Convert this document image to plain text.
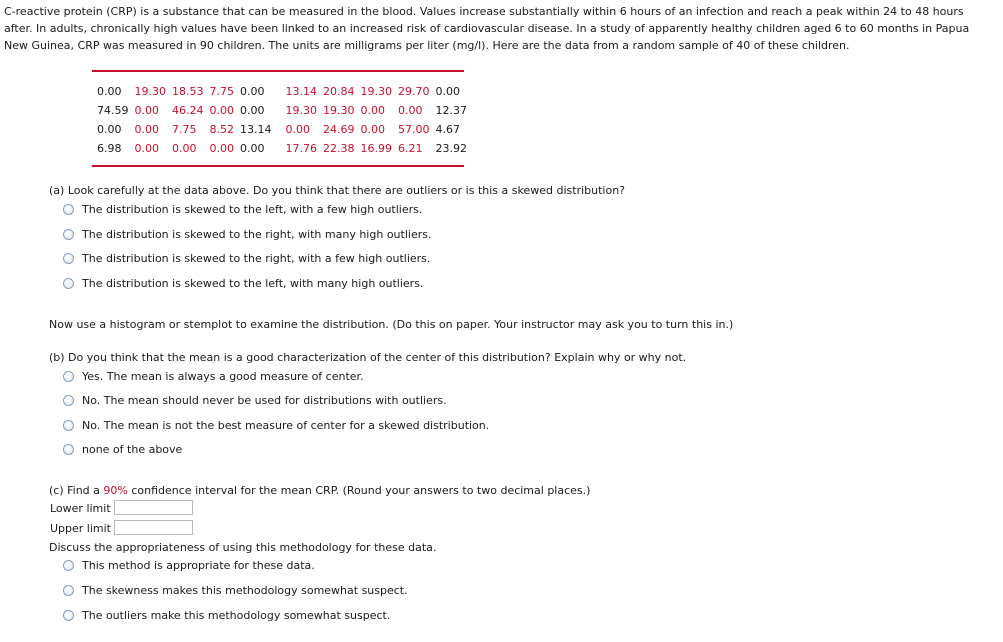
C-reactive protein (CRP) is a substance that can be measured in the blood. Values increase substantially within 6 hours of an infection and reach a peak within 24 to 48 hours after. In adults, chronically high values have been linked to an increased risk of cardiovascular disease. In a study of apparently healthy children aged 6 to 60 months in Papua New Guinea, CRP was measured in 90 children. The units are milligrams per liter (mg/l). Here are the data from a random sample of 40 of these children.

0.00	19.30	18.53	7.75	0.00	13.14	20.84	19.30	29.70	0.00
74.59	0.00	46.24	0.00	0.00	19.30	19.30	0.00	0.00	12.37
0.00	0.00	7.75	8.52	13.14	0.00	24.69	0.00	57.00	4.67
6.98	0.00	0.00	0.00	0.00	17.76	22.38	16.99	6.21	23.92

(a) Look carefully at the data above. Do you think that there are outliers or is this a skewed distribution?

The distribution is skewed to the left, with a few high outliers.
The distribution is skewed to the right, with many high outliers.
The distribution is skewed to the right, with a few high outliers.
The distribution is skewed to the left, with many high outliers.

Now use a histogram or stemplot to examine the distribution. (Do this on paper. Your instructor may ask you to turn this in.)

(b) Do you think that the mean is a good characterization of the center of this distribution? Explain why or why not.

Yes. The mean is always a good measure of center.
No. The mean should never be used for distributions with outliers.
No. The mean is not the best measure of center for a skewed distribution.
none of the above

(c) Find a 90% confidence interval for the mean CRP. (Round your answers to two decimal places.)

Lower limit
Upper limit

Discuss the appropriateness of using this methodology for these data.

This method is appropriate for these data.
The skewness makes this methodology somewhat suspect.
The outliers make this methodology somewhat suspect.
